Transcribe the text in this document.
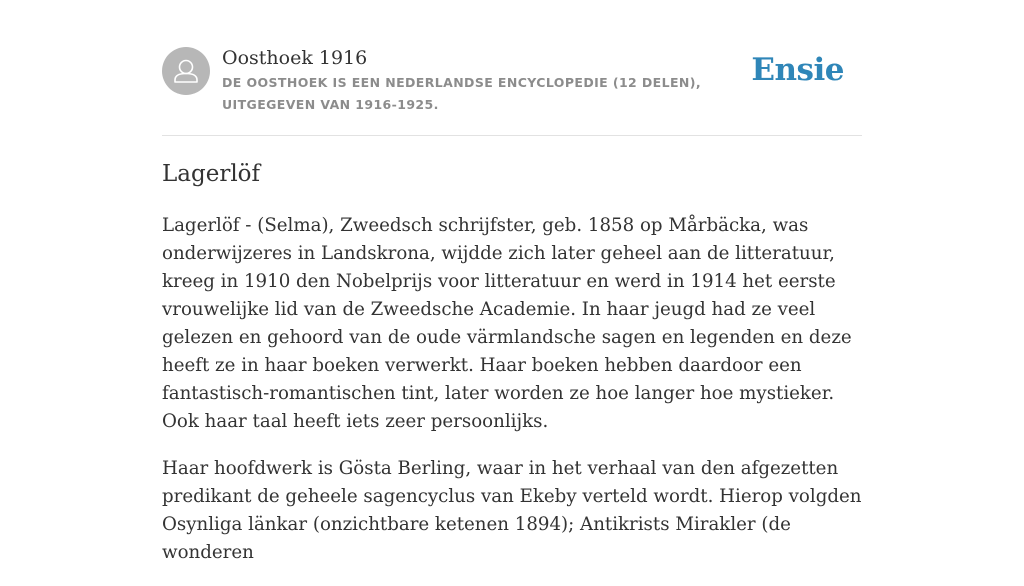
Oosthoek 1916
DE OOSTHOEK IS EEN NEDERLANDSE ENCYCLOPEDIE (12 DELEN), UITGEGEVEN VAN 1916-1925.
Ensie
Lagerlöf

Lagerlöf - (Selma), Zweedsch schrijfster, geb. 1858 op Mårbäcka, was onderwijzeres in Landskrona, wijdde zich later geheel aan de litteratuur, kreeg in 1910 den Nobelprijs voor litteratuur en werd in 1914 het eerste vrouwelijke lid van de Zweedsche Academie. In haar jeugd had ze veel gelezen en gehoord van de oude värmlandsche sagen en legenden en deze heeft ze in haar boeken verwerkt. Haar boeken hebben daardoor een fantastisch-romantischen tint, later worden ze hoe langer hoe mystieker. Ook haar taal heeft iets zeer persoonlijks.

Haar hoofdwerk is Gösta Berling, waar in het verhaal van den afgezetten predikant de geheele sagencyclus van Ekeby verteld wordt. Hierop volgden Osynliga länkar (onzichtbare ketenen 1894); Antikrists Mirakler (de wonderen
